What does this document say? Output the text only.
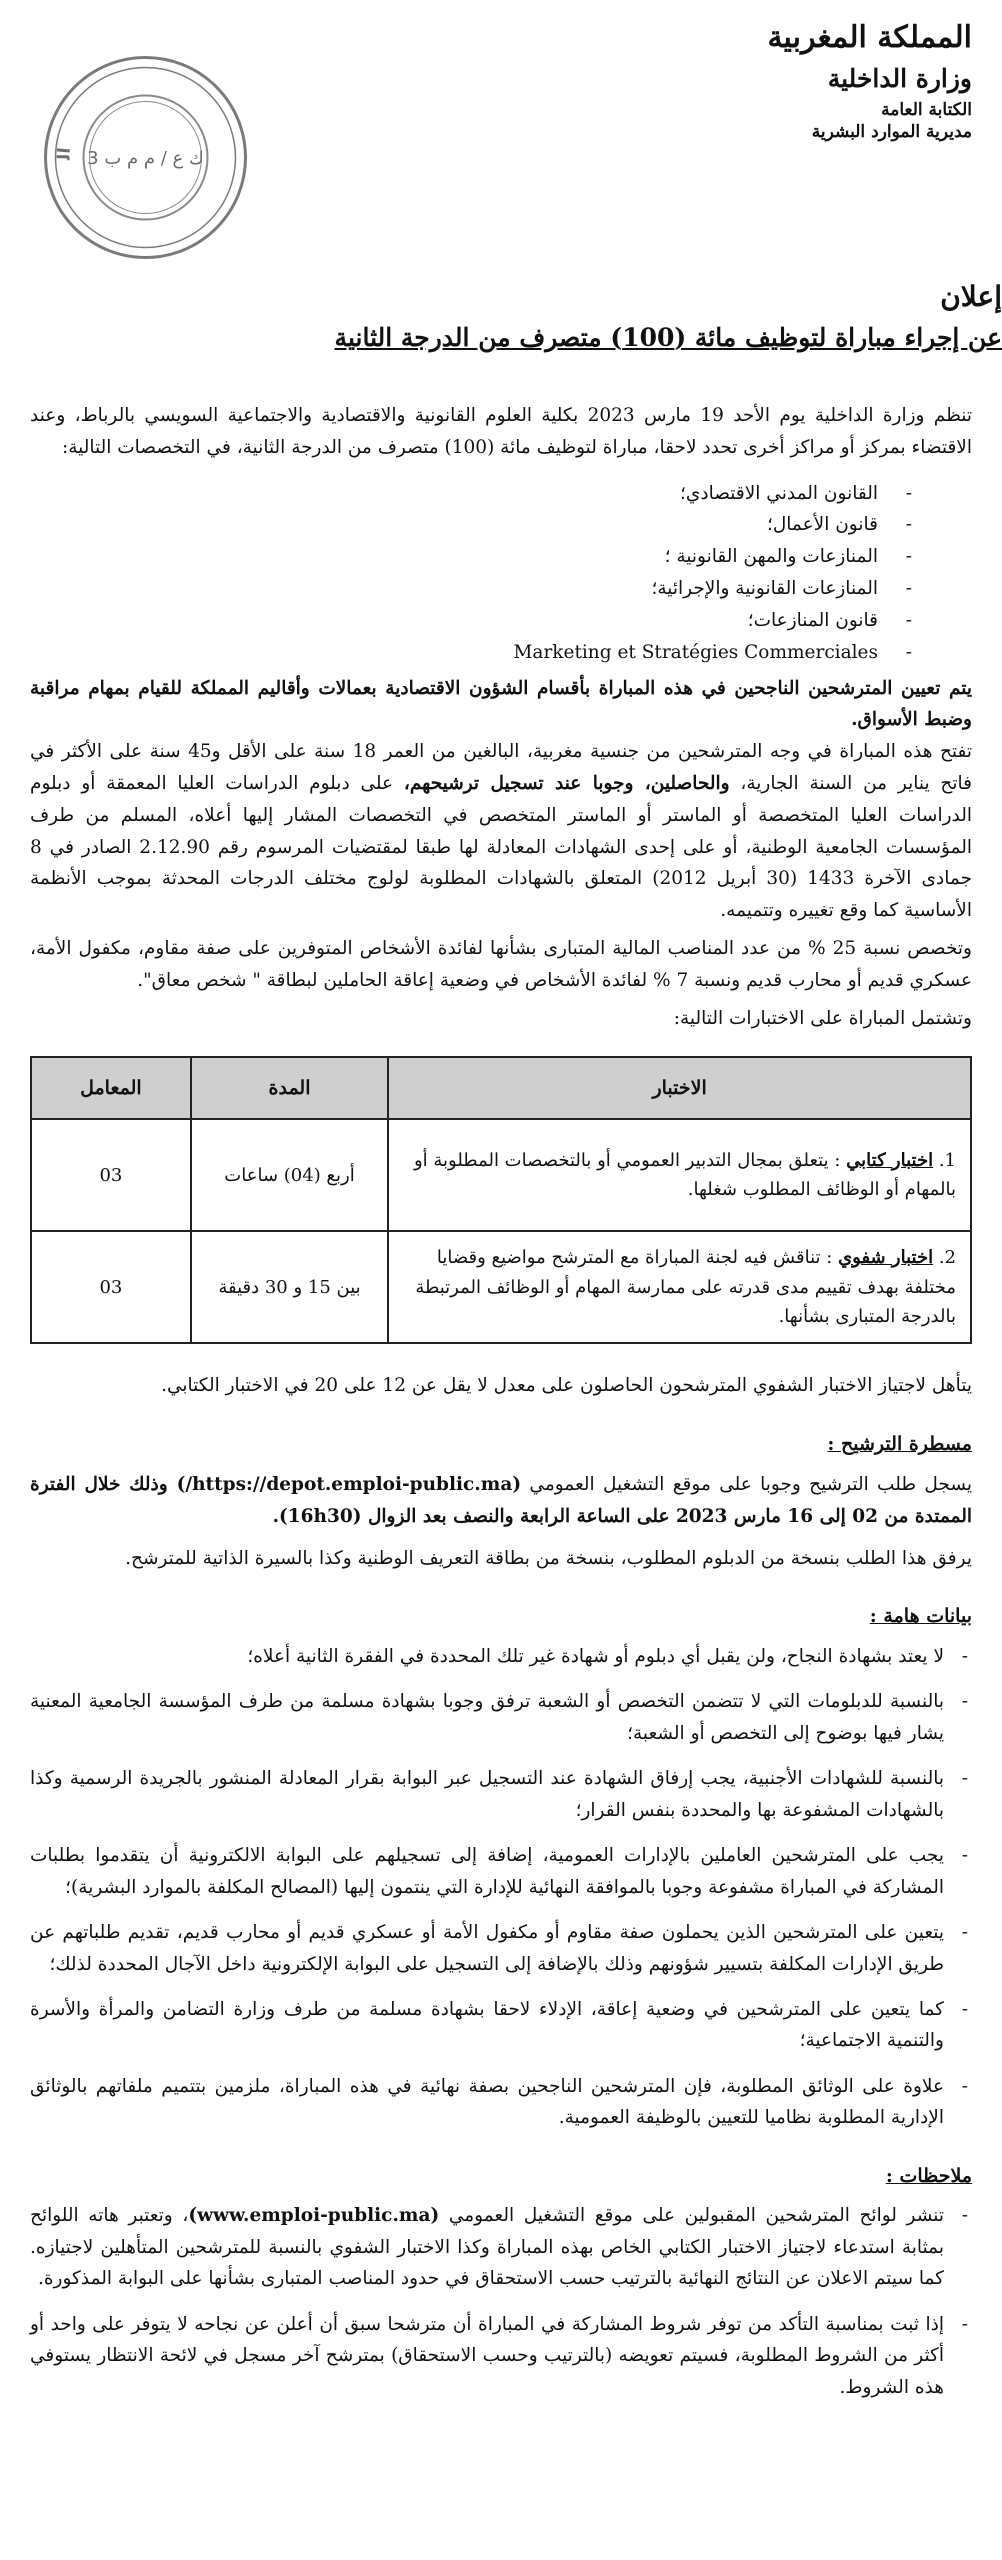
المملكة المغربية

وزارة الداخلية

الكتابة العامة

مديرية الموارد البشرية

ال ك ع / م م ب 3

إعلان

عن إجراء مباراة لتوظيف مائة (100) متصرف من الدرجة الثانية

تنظم وزارة الداخلية يوم الأحد 19 مارس 2023 بكلية العلوم القانونية والاقتصادية والاجتماعية السويسي بالرباط، وعند الاقتضاء بمركز أو مراكز أخرى تحدد لاحقا، مباراة لتوظيف مائة (100) متصرف من الدرجة الثانية، في التخصصات التالية:

- القانون المدني الاقتصادي؛
- قانون الأعمال؛
- المنازعات والمهن القانونية ؛
- المنازعات القانونية والإجرائية؛
- قانون المنازعات؛
- Marketing et Stratégies Commerciales

يتم تعيين المترشحين الناجحين في هذه المباراة بأقسام الشؤون الاقتصادية بعمالات وأقاليم المملكة للقيام بمهام مراقبة وضبط الأسواق.

تفتح هذه المباراة في وجه المترشحين من جنسية مغربية، البالغين من العمر 18 سنة على الأقل و45 سنة على الأكثر في فاتح يناير من السنة الجارية، والحاصلين، وجوبا عند تسجيل ترشيحهم، على دبلوم الدراسات العليا المعمقة أو دبلوم الدراسات العليا المتخصصة أو الماستر أو الماستر المتخصص في التخصصات المشار إليها أعلاه، المسلم من طرف المؤسسات الجامعية الوطنية، أو على إحدى الشهادات المعادلة لها طبقا لمقتضيات المرسوم رقم 2.12.90 الصادر في 8 جمادى الآخرة 1433 (30 أبريل 2012) المتعلق بالشهادات المطلوبة لولوج مختلف الدرجات المحدثة بموجب الأنظمة الأساسية كما وقع تغييره وتتميمه.

وتخصص نسبة 25 % من عدد المناصب المالية المتبارى بشأنها لفائدة الأشخاص المتوفرين على صفة مقاوم، مكفول الأمة، عسكري قديم أو محارب قديم ونسبة 7 % لفائدة الأشخاص في وضعية إعاقة الحاملين لبطاقة " شخص معاق".

وتشتمل المباراة على الاختبارات التالية:

الاختبار	المدة	المعامل
1. اختبار كتابي : يتعلق بمجال التدبير العمومي أو بالتخصصات المطلوبة أو بالمهام أو الوظائف المطلوب شغلها.	أربع (04) ساعات	03
2. اختبار شفوي : تناقش فيه لجنة المباراة مع المترشح مواضيع وقضايا مختلفة بهدف تقييم مدى قدرته على ممارسة المهام أو الوظائف المرتبطة بالدرجة المتبارى بشأنها.	بين 15 و 30 دقيقة	03

يتأهل لاجتياز الاختبار الشفوي المترشحون الحاصلون على معدل لا يقل عن 12 على 20 في الاختبار الكتابي.

مسطرة الترشيح :

يسجل طلب الترشيح وجوبا على موقع التشغيل العمومي (https://depot.emploi-public.ma/) وذلك خلال الفترة الممتدة من 02 إلى 16 مارس 2023 على الساعة الرابعة والنصف بعد الزوال (16h30).

يرفق هذا الطلب بنسخة من الدبلوم المطلوب، بنسخة من بطاقة التعريف الوطنية وكذا بالسيرة الذاتية للمترشح.

بيانات هامة :
- لا يعتد بشهادة النجاح، ولن يقبل أي دبلوم أو شهادة غير تلك المحددة في الفقرة الثانية أعلاه؛
- بالنسبة للدبلومات التي لا تتضمن التخصص أو الشعبة ترفق وجوبا بشهادة مسلمة من طرف المؤسسة الجامعية المعنية يشار فيها بوضوح إلى التخصص أو الشعبة؛
- بالنسبة للشهادات الأجنبية، يجب إرفاق الشهادة عند التسجيل عبر البوابة بقرار المعادلة المنشور بالجريدة الرسمية وكذا بالشهادات المشفوعة بها والمحددة بنفس القرار؛
- يجب على المترشحين العاملين بالإدارات العمومية، إضافة إلى تسجيلهم على البوابة الالكترونية أن يتقدموا بطلبات المشاركة في المباراة مشفوعة وجوبا بالموافقة النهائية للإدارة التي ينتمون إليها (المصالح المكلفة بالموارد البشرية)؛
- يتعين على المترشحين الذين يحملون صفة مقاوم أو مكفول الأمة أو عسكري قديم أو محارب قديم، تقديم طلباتهم عن طريق الإدارات المكلفة بتسيير شؤونهم وذلك بالإضافة إلى التسجيل على البوابة الإلكترونية داخل الآجال المحددة لذلك؛
- كما يتعين على المترشحين في وضعية إعاقة، الإدلاء لاحقا بشهادة مسلمة من طرف وزارة التضامن والمرأة والأسرة والتنمية الاجتماعية؛
- علاوة على الوثائق المطلوبة، فإن المترشحين الناجحين بصفة نهائية في هذه المباراة، ملزمين بتتميم ملفاتهم بالوثائق الإدارية المطلوبة نظاميا للتعيين بالوظيفة العمومية.
ملاحظات :
- تنشر لوائح المترشحين المقبولين على موقع التشغيل العمومي (www.emploi-public.ma)، وتعتبر هاته اللوائح بمثابة استدعاء لاجتياز الاختبار الكتابي الخاص بهذه المباراة وكذا الاختبار الشفوي بالنسبة للمترشحين المتأهلين لاجتيازه. كما سيتم الاعلان عن النتائج النهائية بالترتيب حسب الاستحقاق في حدود المناصب المتبارى بشأنها على البوابة المذكورة.
- إذا ثبت بمناسبة التأكد من توفر شروط المشاركة في المباراة أن مترشحا سبق أن أعلن عن نجاحه لا يتوفر على واحد أو أكثر من الشروط المطلوبة، فسيتم تعويضه (بالترتيب وحسب الاستحقاق) بمترشح آخر مسجل في لائحة الانتظار يستوفي هذه الشروط.
